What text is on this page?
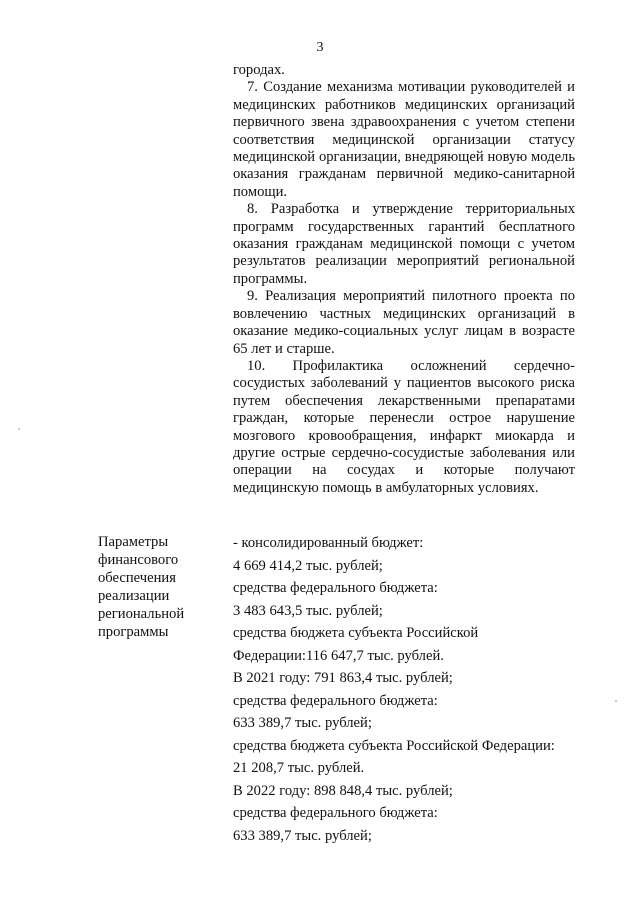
3

городах.

7. Создание механизма мотивации руководителей и медицинских работников медицинских организаций первичного звена здравоохранения с учетом степени соответствия медицинской организации статусу медицинской организации, внедряющей новую модель оказания гражданам первичной медико-санитарной помощи.

8. Разработка и утверждение территориальных программ государственных гарантий бесплатного оказания гражданам медицинской помощи с учетом результатов реализации мероприятий региональной программы.

9. Реализация мероприятий пилотного проекта по вовлечению частных медицинских организаций в оказание медико-социальных услуг лицам в возрасте 65 лет и старше.

10. Профилактика осложнений сердечно-сосудистых заболеваний у пациентов высокого риска путем обеспечения лекарственными препаратами граждан, которые перенесли острое нарушение мозгового кровообращения, инфаркт миокарда и другие острые сердечно-сосудистые заболевания или операции на сосудах и которые получают медицинскую помощь в амбулаторных условиях.

Параметры
финансового
обеспечения
реализации
региональной
программы
- консолидированный бюджет:
4 669 414,2 тыс. рублей;
средства федерального бюджета:
3 483 643,5 тыс. рублей;
средства бюджета субъекта Российской
Федерации:116 647,7 тыс. рублей.
В 2021 году: 791 863,4 тыс. рублей;
средства федерального бюджета:
633 389,7 тыс. рублей;
средства бюджета субъекта Российской Федерации:
21 208,7 тыс. рублей.
В 2022 году: 898 848,4 тыс. рублей;
средства федерального бюджета:
633 389,7 тыс. рублей;
